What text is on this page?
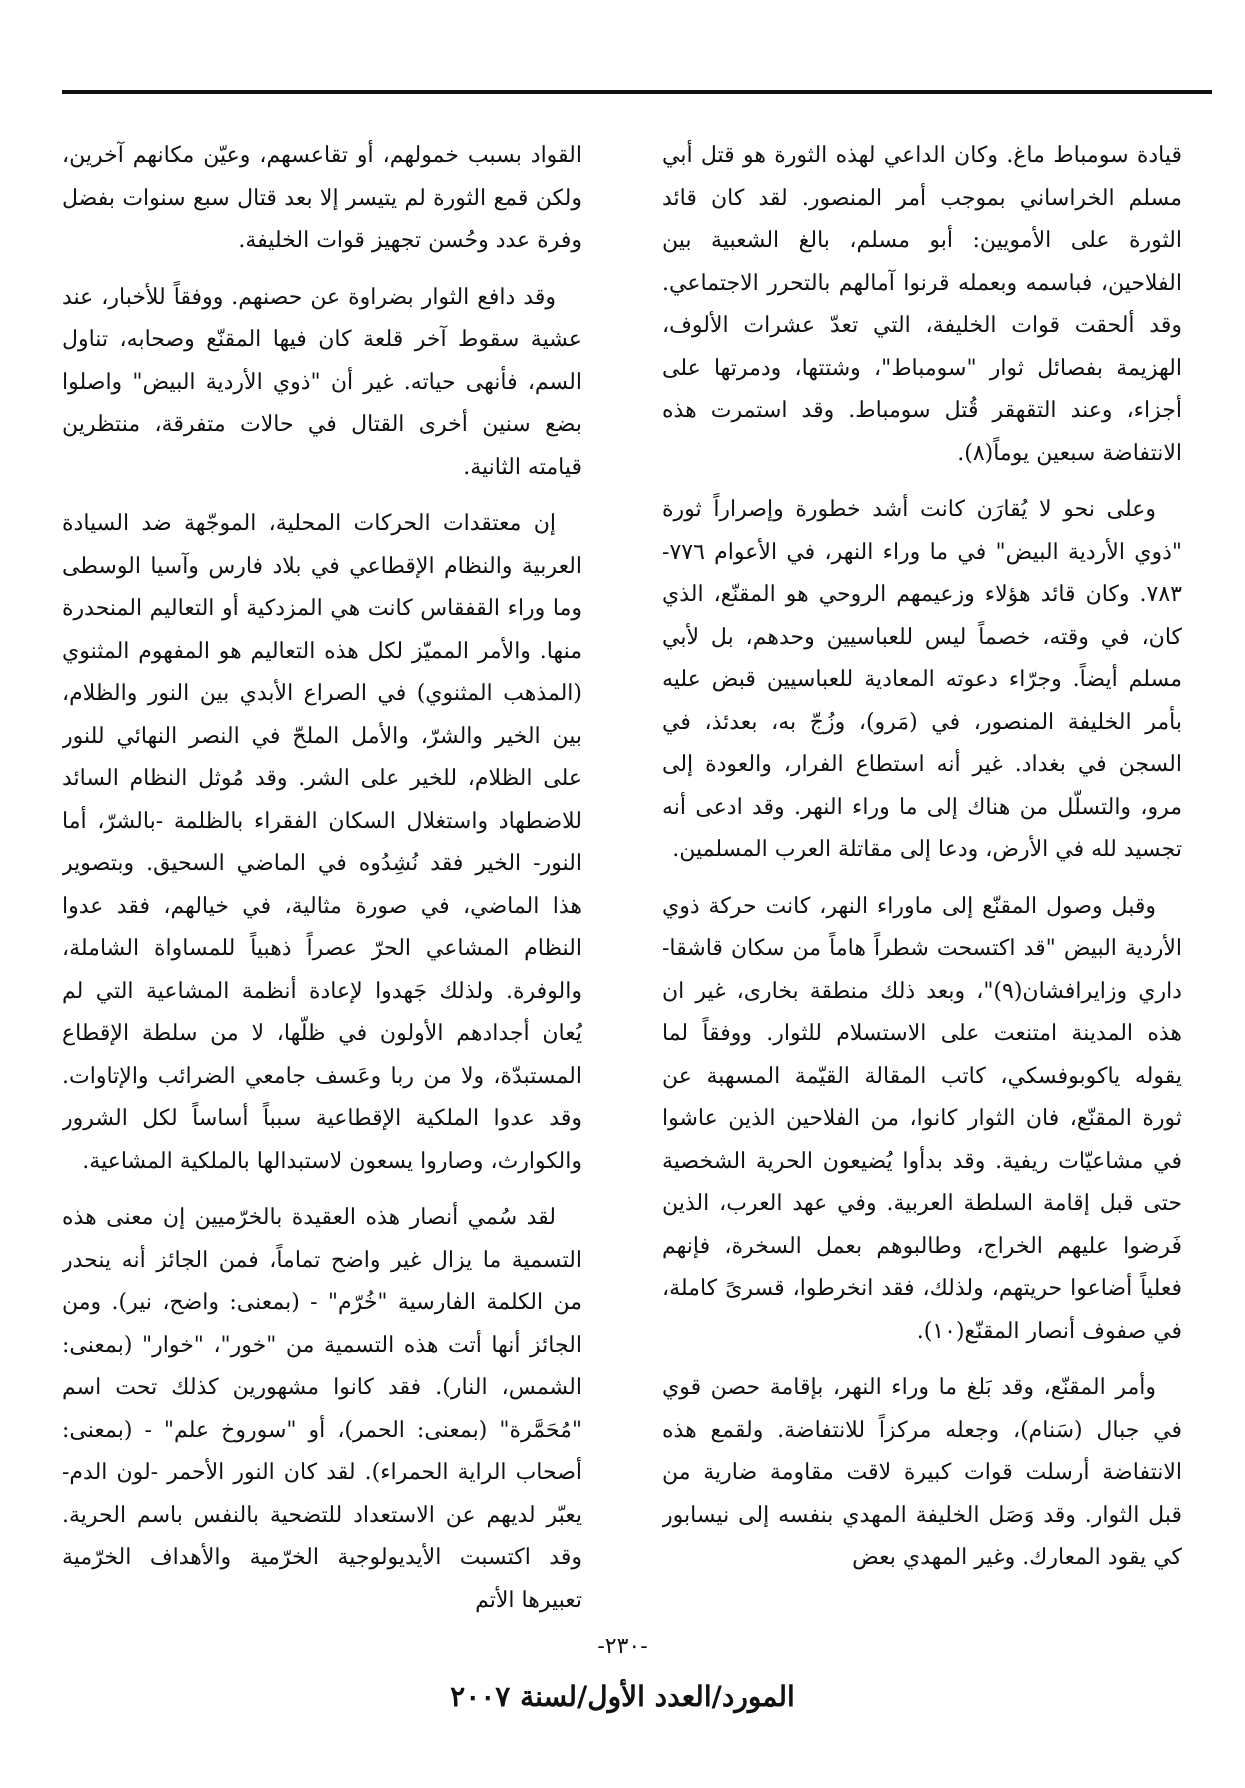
قيادة سومباط ماغ. وكان الداعي لهذه الثورة هو قتل أبي مسلم الخراساني بموجب أمر المنصور. لقد كان قائد الثورة على الأمويين: أبو مسلم، بالغ الشعبية بين الفلاحين، فباسمه وبعمله قرنوا آمالهم بالتحرر الاجتماعي. وقد ألحقت قوات الخليفة، التي تعدّ عشرات الألوف، الهزيمة بفصائل ثوار "سومباط"، وشتتها، ودمرتها على أجزاء، وعند التقهقر قُتل سومباط. وقد استمرت هذه الانتفاضة سبعين يوماً(٨).

وعلى نحو لا يُقارَن كانت أشد خطورة وإصراراً ثورة "ذوي الأردية البيض" في ما وراء النهر، في الأعوام ٧٧٦- ٧٨٣. وكان قائد هؤلاء وزعيمهم الروحي هو المقنّع، الذي كان، في وقته، خصماً ليس للعباسيين وحدهم، بل لأبي مسلم أيضاً. وجرّاء دعوته المعادية للعباسيين قبض عليه بأمر الخليفة المنصور، في (مَرو)، وزُجّ به، بعدئذ، في السجن في بغداد. غير أنه استطاع الفرار، والعودة إلى مرو، والتسلّل من هناك إلى ما وراء النهر. وقد ادعى أنه تجسيد لله في الأرض، ودعا إلى مقاتلة العرب المسلمين.

وقبل وصول المقنّع إلى ماوراء النهر، كانت حركة ذوي الأردية البيض "قد اكتسحت شطراً هاماً من سكان قاشقا- داري وزايرافشان(٩)"، وبعد ذلك منطقة بخارى، غير ان هذه المدينة امتنعت على الاستسلام للثوار. ووفقاً لما يقوله ياكوبوفسكي، كاتب المقالة القيّمة المسهبة عن ثورة المقنّع، فان الثوار كانوا، من الفلاحين الذين عاشوا في مشاعيّات ريفية. وقد بدأوا يُضيعون الحرية الشخصية حتى قبل إقامة السلطة العربية. وفي عهد العرب، الذين فَرضوا عليهم الخراج، وطالبوهم بعمل السخرة، فإنهم فعلياً أضاعوا حريتهم، ولذلك، فقد انخرطوا، قسرىً كاملة، في صفوف أنصار المقنّع(١٠).

وأمر المقنّع، وقد بَلغ ما وراء النهر، بإقامة حصن قوي في جبال (سَنام)، وجعله مركزاً للانتفاضة. ولقمع هذه الانتفاضة أرسلت قوات كبيرة لاقت مقاومة ضارية من قبل الثوار. وقد وَصَل الخليفة المهدي بنفسه إلى نيسابور كي يقود المعارك. وغير المهدي بعض

القواد بسبب خمولهم، أو تقاعسهم، وعيّن مكانهم آخرين، ولكن قمع الثورة لم يتيسر إلا بعد قتال سبع سنوات بفضل وفرة عدد وحُسن تجهيز قوات الخليفة.

وقد دافع الثوار بضراوة عن حصنهم. ووفقاً للأخبار، عند عشية سقوط آخر قلعة كان فيها المقنّع وصحابه، تناول السم، فأنهى حياته. غير أن "ذوي الأردية البيض" واصلوا بضع سنين أخرى القتال في حالات متفرقة، منتظرين قيامته الثانية.

إن معتقدات الحركات المحلية، الموجّهة ضد السيادة العربية والنظام الإقطاعي في بلاد فارس وآسيا الوسطى وما وراء القفقاس كانت هي المزدكية أو التعاليم المنحدرة منها. والأمر المميّز لكل هذه التعاليم هو المفهوم المثنوي (المذهب المثنوي) في الصراع الأبدي بين النور والظلام، بين الخير والشرّ، والأمل الملحّ في النصر النهائي للنور على الظلام، للخير على الشر. وقد مُوثل النظام السائد للاضطهاد واستغلال السكان الفقراء بالظلمة -بالشرّ، أما النور- الخير فقد نُشِدُوه في الماضي السحيق. وبتصوير هذا الماضي، في صورة مثالية، في خيالهم، فقد عدوا النظام المشاعي الحرّ عصراً ذهبياً للمساواة الشاملة، والوفرة. ولذلك جَهدوا لإعادة أنظمة المشاعية التي لم يُعان أجدادهم الأولون في ظلّها، لا من سلطة الإقطاع المستبدّة، ولا من ربا وعَسف جامعي الضرائب والإتاوات. وقد عدوا الملكية الإقطاعية سبباً أساساً لكل الشرور والكوارث، وصاروا يسعون لاستبدالها بالملكية المشاعية.

لقد سُمي أنصار هذه العقيدة بالخرّميين إن معنى هذه التسمية ما يزال غير واضح تماماً، فمن الجائز أنه ينحدر من الكلمة الفارسية "خُرّم" - (بمعنى: واضح، نير). ومن الجائز أنها أتت هذه التسمية من "خور"، "خوار" (بمعنى: الشمس، النار). فقد كانوا مشهورين كذلك تحت اسم "مُحَمَّرة" (بمعنى: الحمر)، أو "سوروخ علم" - (بمعنى: أصحاب الراية الحمراء). لقد كان النور الأحمر -لون الدم- يعبّر لديهم عن الاستعداد للتضحية بالنفس باسم الحرية. وقد اكتسبت الأيديولوجية الخرّمية والأهداف الخرّمية تعبيرها الأتم

-٢٣٠-
المورد/العدد الأول/لسنة ٢٠٠٧
